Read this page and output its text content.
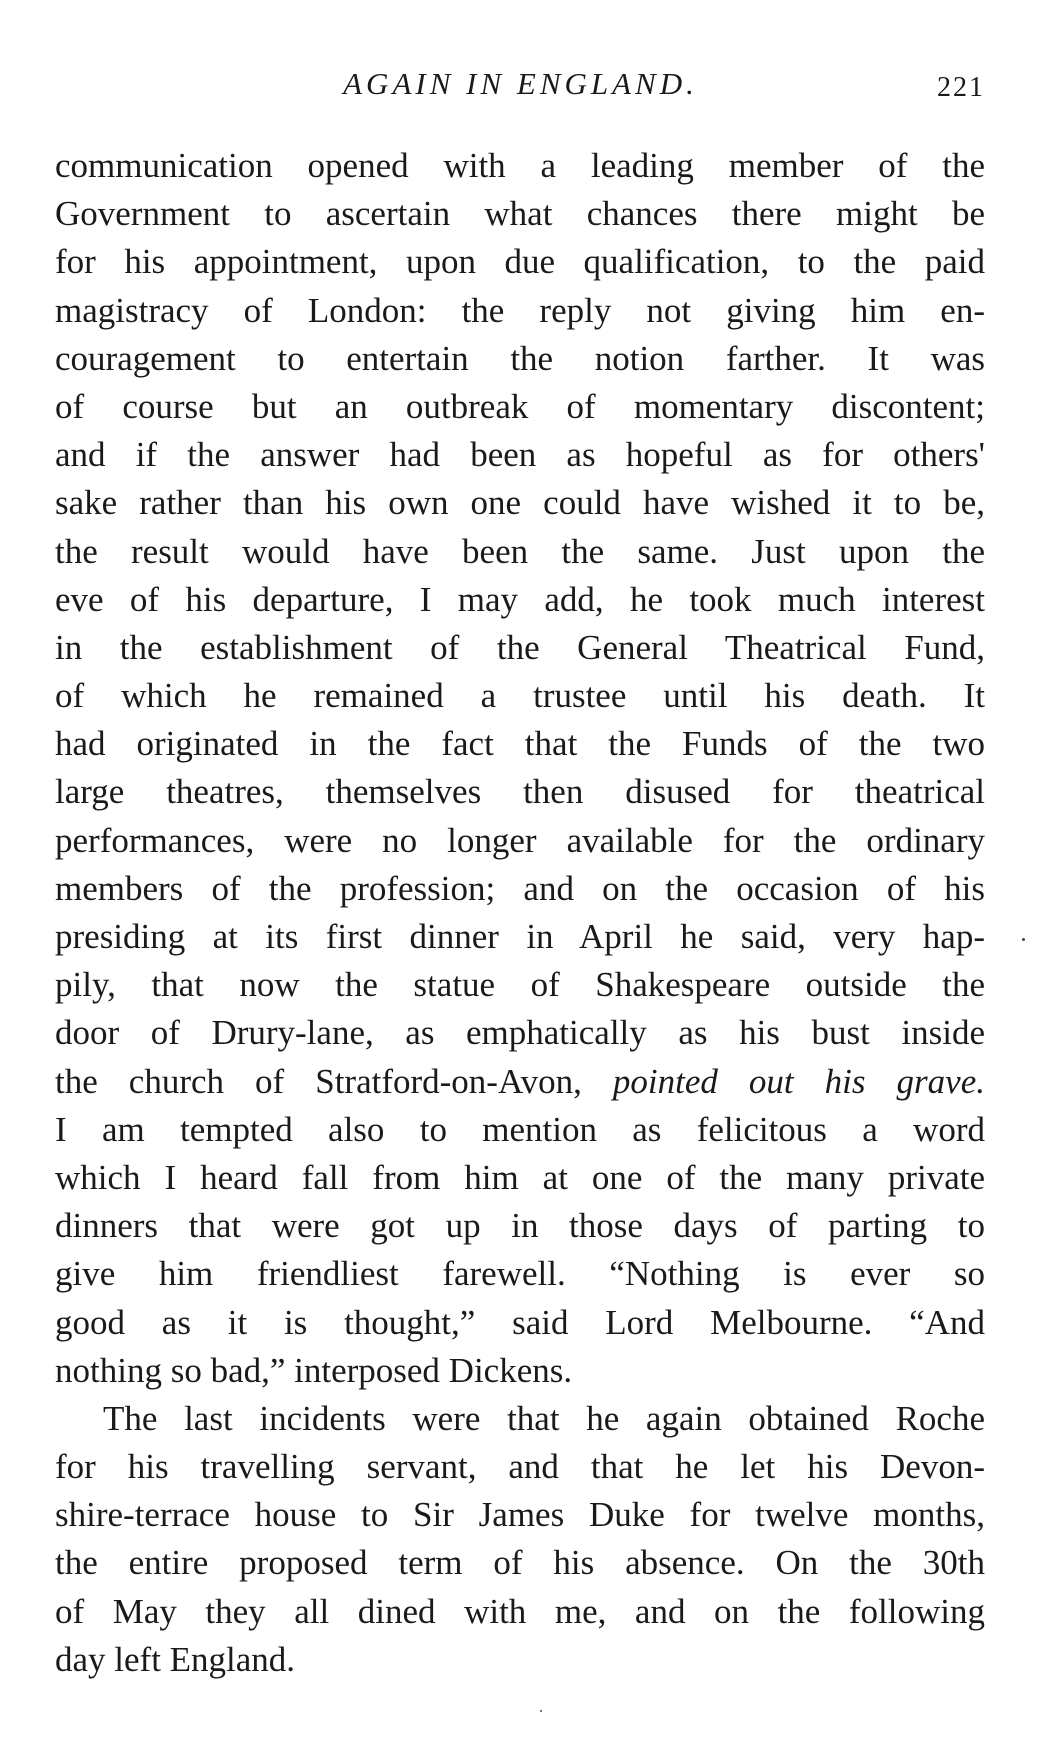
AGAIN IN ENGLAND.	221
communication opened with a leading member of the
Government to ascertain what chances there might be
for his appointment, upon due qualification, to the paid
magistracy of London: the reply not giving him en-
couragement to entertain the notion farther. It was
of course but an outbreak of momentary discontent;
and if the answer had been as hopeful as for others'
sake rather than his own one could have wished it to be,
the result would have been the same. Just upon the
eve of his departure, I may add, he took much interest
in the establishment of the General Theatrical Fund,
of which he remained a trustee until his death. It
had originated in the fact that the Funds of the two
large theatres, themselves then disused for theatrical
performances, were no longer available for the ordinary
members of the profession; and on the occasion of his
presiding at its first dinner in April he said, very hap-
pily, that now the statue of Shakespeare outside the
door of Drury-lane, as emphatically as his bust inside
the church of Stratford-on-Avon, pointed out his grave.
I am tempted also to mention as felicitous a word
which I heard fall from him at one of the many private
dinners that were got up in those days of parting to
give him friendliest farewell. “Nothing is ever so
good as it is thought,” said Lord Melbourne. “And
nothing so bad,” interposed Dickens.
The last incidents were that he again obtained Roche
for his travelling servant, and that he let his Devon-
shire-terrace house to Sir James Duke for twelve months,
the entire proposed term of his absence. On the 30th
of May they all dined with me, and on the following
day left England.
